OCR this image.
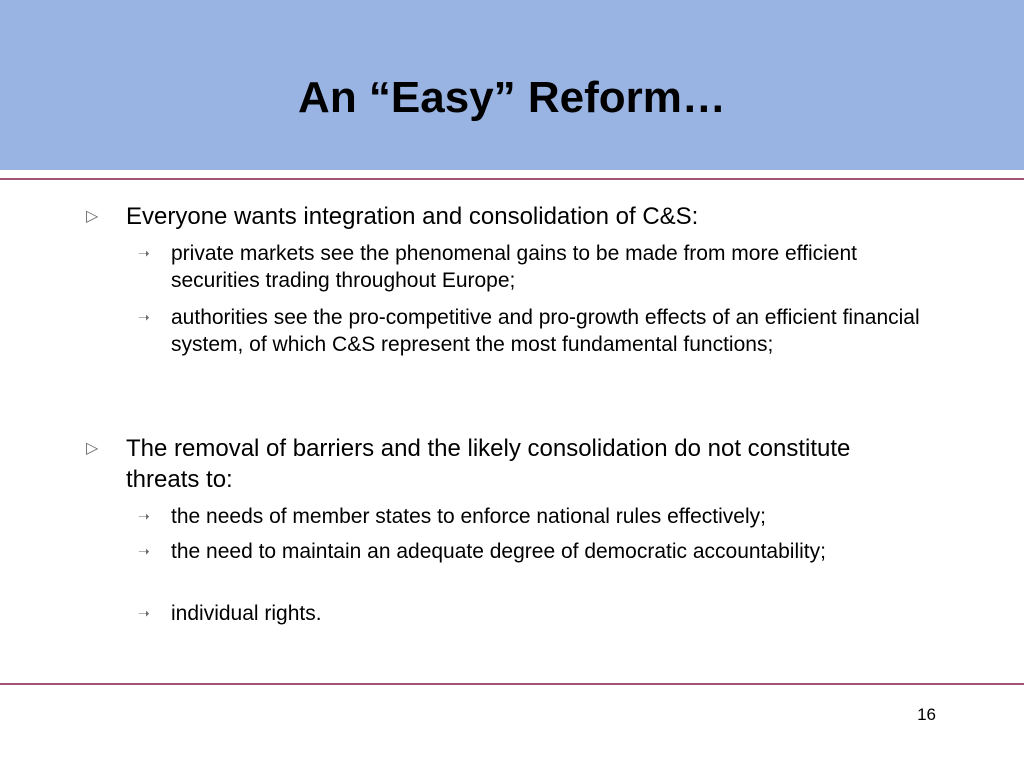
An “Easy” Reform…
▷	Everyone wants integration and consolidation of C&S:
➝ private markets see the phenomenal gains to be made from more efficient securities trading throughout Europe;
➝ authorities see the pro-competitive and pro-growth effects of an efficient financial system, of which C&S represent the most fundamental functions;
▷	The removal of barriers and the likely consolidation do not constitute threats to:
➝ the needs of member states to enforce national rules effectively;
➝ the need to maintain an adequate degree of democratic accountability;
➝ individual rights.
16
